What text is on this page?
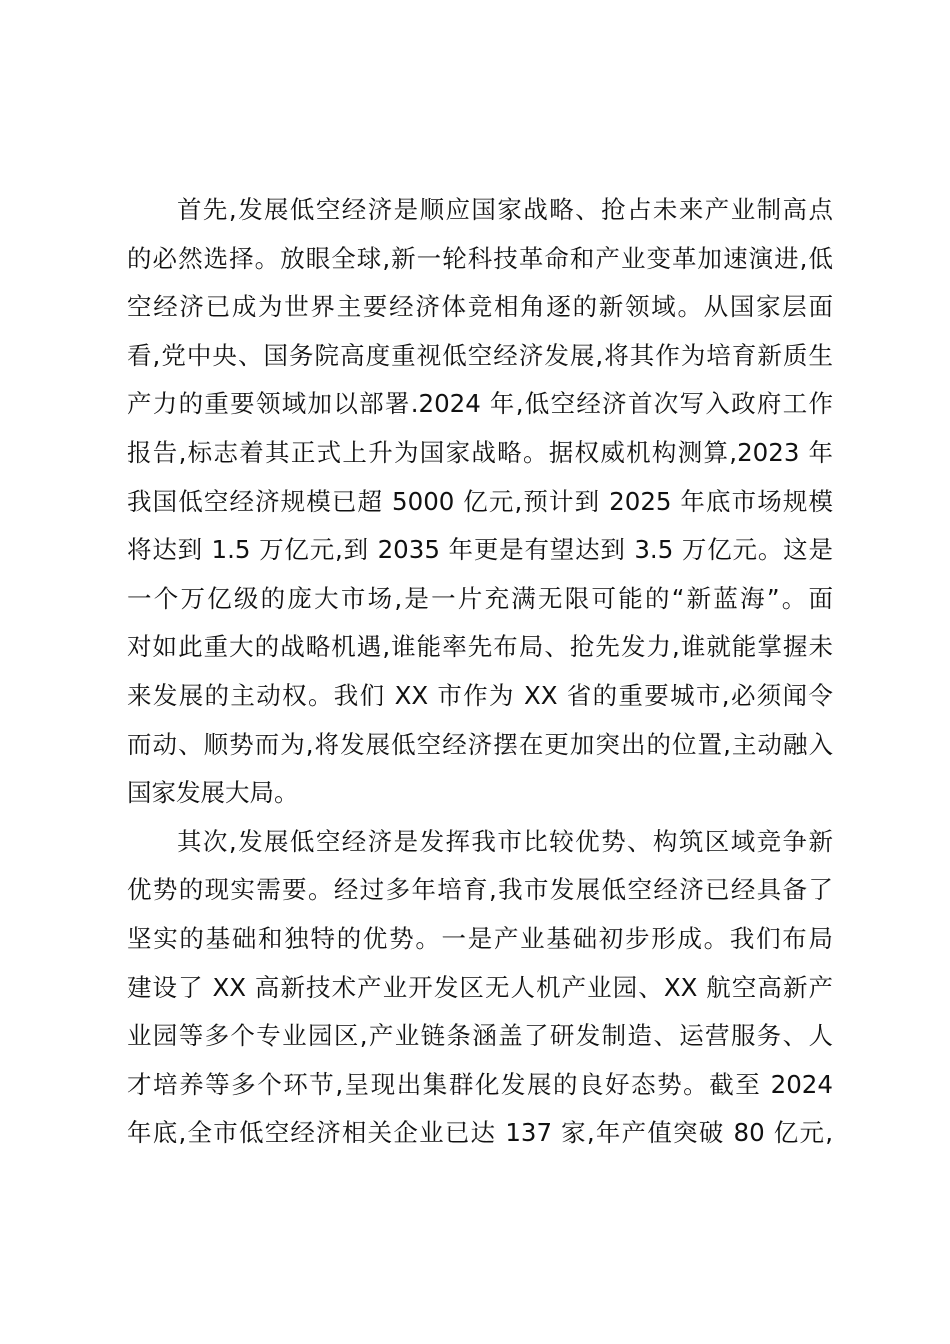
首先,发展低空经济是顺应国家战略、抢占未来产业制高点
的必然选择。放眼全球,新一轮科技革命和产业变革加速演进,低
空经济已成为世界主要经济体竞相角逐的新领域。从国家层面
看,党中央、国务院高度重视低空经济发展,将其作为培育新质生
产力的重要领域加以部署.2024 年,低空经济首次写入政府工作
报告,标志着其正式上升为国家战略。据权威机构测算,2023 年
我国低空经济规模已超 5000 亿元,预计到 2025 年底市场规模
将达到 1.5 万亿元,到 2035 年更是有望达到 3.5 万亿元。这是
一个万亿级的庞大市场,是一片充满无限可能的“新蓝海”。面
对如此重大的战略机遇,谁能率先布局、抢先发力,谁就能掌握未
来发展的主动权。我们 XX 市作为 XX 省的重要城市,必须闻令
而动、顺势而为,将发展低空经济摆在更加突出的位置,主动融入
国家发展大局。
其次,发展低空经济是发挥我市比较优势、构筑区域竞争新
优势的现实需要。经过多年培育,我市发展低空经济已经具备了
坚实的基础和独特的优势。一是产业基础初步形成。我们布局
建设了 XX 高新技术产业开发区无人机产业园、XX 航空高新产
业园等多个专业园区,产业链条涵盖了研发制造、运营服务、人
才培养等多个环节,呈现出集群化发展的良好态势。截至 2024
年底,全市低空经济相关企业已达 137 家,年产值突破 80 亿元,
